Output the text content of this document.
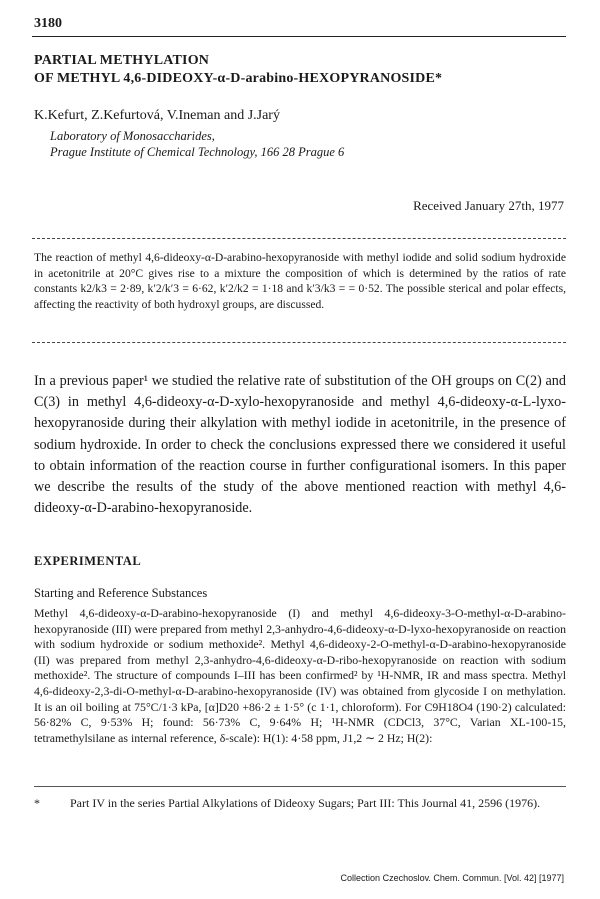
3180
PARTIAL METHYLATION
OF METHYL 4,6-DIDEOXY-α-D-arabino-HEXOPYRANOSIDE*
K.Kefurt, Z.Kefurtová, V.Ineman and J.Jarý
Laboratory of Monosaccharides,
Prague Institute of Chemical Technology, 166 28 Prague 6
Received January 27th, 1977
The reaction of methyl 4,6-dideoxy-α-D-arabino-hexopyranoside with methyl iodide and solid sodium hydroxide in acetonitrile at 20°C gives rise to a mixture the composition of which is determined by the ratios of rate constants k2/k3 = 2·89, k′2/k′3 = 6·62, k′2/k2 = 1·18 and k′3/k3 = = 0·52. The possible sterical and polar effects, affecting the reactivity of both hydroxyl groups, are discussed.
In a previous paper¹ we studied the relative rate of substitution of the OH groups on C(2) and C(3) in methyl 4,6-dideoxy-α-D-xylo-hexopyranoside and methyl 4,6-dideoxy-α-L-lyxo-hexopyranoside during their alkylation with methyl iodide in acetonitrile, in the presence of sodium hydroxide. In order to check the conclusions expressed there we considered it useful to obtain information of the reaction course in further configurational isomers. In this paper we describe the results of the study of the above mentioned reaction with methyl 4,6-dideoxy-α-D-arabino-hexopyranoside.
EXPERIMENTAL
Starting and Reference Substances
Methyl 4,6-dideoxy-α-D-arabino-hexopyranoside (I) and methyl 4,6-dideoxy-3-O-methyl-α-D-arabino-hexopyranoside (III) were prepared from methyl 2,3-anhydro-4,6-dideoxy-α-D-lyxo-hexopyranoside on reaction with sodium hydroxide or sodium methoxide². Methyl 4,6-dideoxy-2-O-methyl-α-D-arabino-hexopyranoside (II) was prepared from methyl 2,3-anhydro-4,6-dideoxy-α-D-ribo-hexopyranoside on reaction with sodium methoxide². The structure of compounds I–III has been confirmed² by ¹H-NMR, IR and mass spectra. Methyl 4,6-dideoxy-2,3-di-O-methyl-α-D-arabino-hexopyranoside (IV) was obtained from glycoside I on methylation. It is an oil boiling at 75°C/1·3 kPa, [α]D20 +86·2 ± 1·5° (c 1·1, chloroform). For C9H18O4 (190·2) calculated: 56·82% C, 9·53% H; found: 56·73% C, 9·64% H; ¹H-NMR (CDCl3, 37°C, Varian XL-100-15, tetramethylsilane as internal reference, δ-scale): H(1): 4·58 ppm, J1,2 ∼ 2 Hz; H(2):
*	Part IV in the series Partial Alkylations of Dideoxy Sugars; Part III: This Journal 41, 2596 (1976).
Collection Czechoslov. Chem. Commun. [Vol. 42] [1977]
